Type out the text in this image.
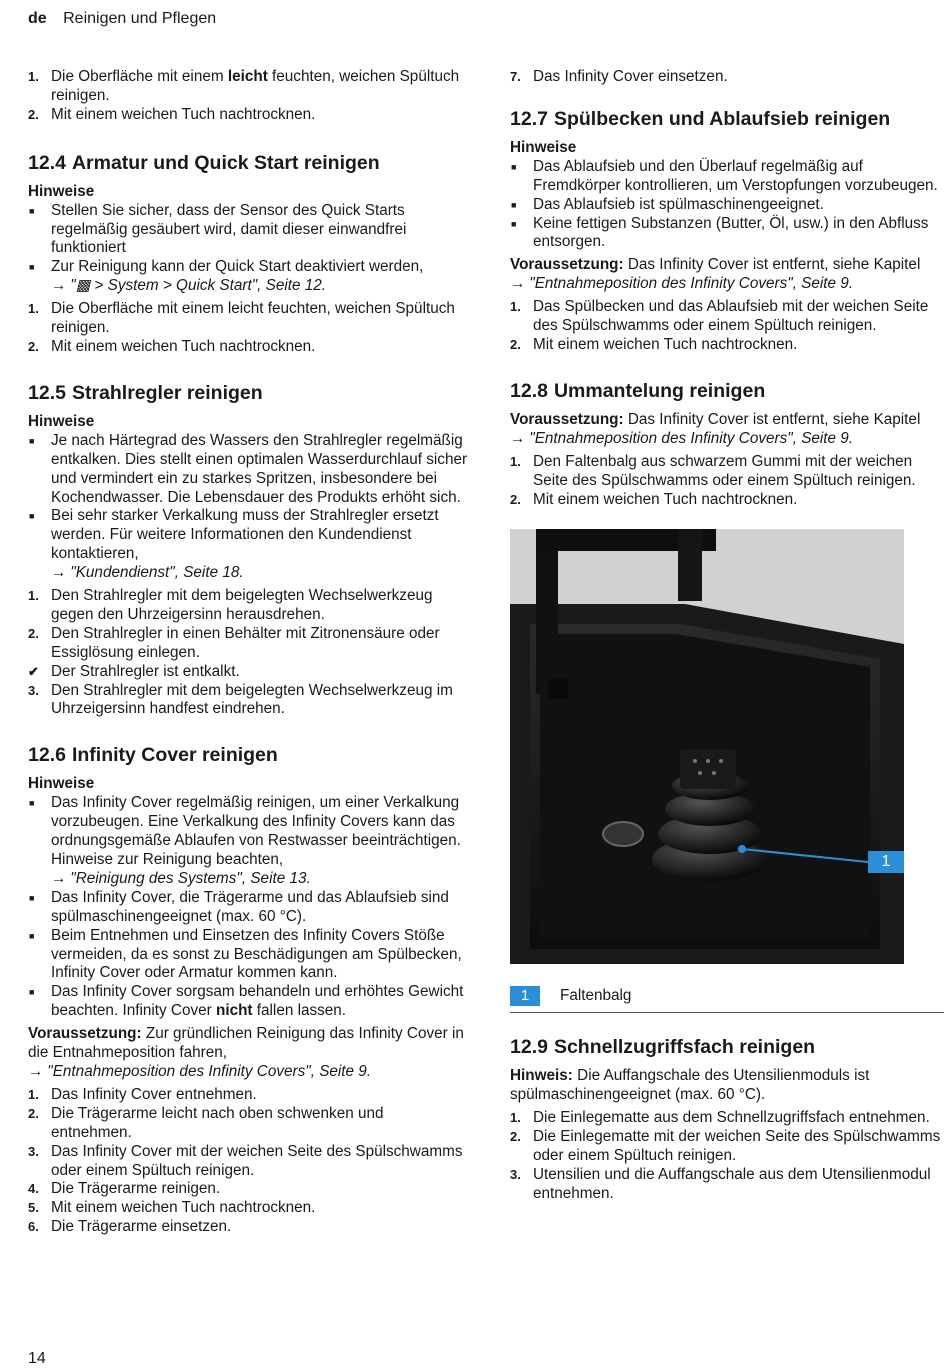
de Reinigen und Pflegen
1. Die Oberfläche mit einem leicht feuchten, weichen Spültuch reinigen.
2. Mit einem weichen Tuch nachtrocknen.
12.4 Armatur und Quick Start reinigen
Hinweise
■	Stellen Sie sicher, dass der Sensor des Quick Starts regelmäßig gesäubert wird, damit dieser einwandfrei funktioniert
■	Zur Reinigung kann der Quick Start deaktiviert werden,
→ "▩ > System > Quick Start", Seite 12.
1. Die Oberfläche mit einem leicht feuchten, weichen Spültuch reinigen.
2. Mit einem weichen Tuch nachtrocknen.
12.5 Strahlregler reinigen
Hinweise
■	Je nach Härtegrad des Wassers den Strahlregler regelmäßig entkalken. Dies stellt einen optimalen Wasserdurchlauf sicher und vermindert ein zu starkes Spritzen, insbesondere bei Kochendwasser. Die Lebensdauer des Produkts erhöht sich.
■	Bei sehr starker Verkalkung muss der Strahlregler ersetzt werden. Für weitere Informationen den Kundendienst kontaktieren,
→ "Kundendienst", Seite 18.
1. Den Strahlregler mit dem beigelegten Wechselwerkzeug gegen den Uhrzeigersinn herausdrehen.
2. Den Strahlregler in einen Behälter mit Zitronensäure oder Essiglösung einlegen.
✔ Der Strahlregler ist entkalkt.
3. Den Strahlregler mit dem beigelegten Wechselwerkzeug im Uhrzeigersinn handfest eindrehen.
12.6 Infinity Cover reinigen
Hinweise
■	Das Infinity Cover regelmäßig reinigen, um einer Verkalkung vorzubeugen. Eine Verkalkung des Infinity Covers kann das ordnungsgemäße Ablaufen von Restwasser beeinträchtigen.
Hinweise zur Reinigung beachten,
→ "Reinigung des Systems", Seite 13.
■	Das Infinity Cover, die Trägerarme und das Ablaufsieb sind spülmaschinengeeignet (max. 60 °C).
■	Beim Entnehmen und Einsetzen des Infinity Covers Stöße vermeiden, da es sonst zu Beschädigungen am Spülbecken, Infinity Cover oder Armatur kommen kann.
■	Das Infinity Cover sorgsam behandeln und erhöhtes Gewicht beachten. Infinity Cover nicht fallen lassen.
Voraussetzung: Zur gründlichen Reinigung das Infinity Cover in die Entnahmeposition fahren,
→ "Entnahmeposition des Infinity Covers", Seite 9.
1. Das Infinity Cover entnehmen.
2. Die Trägerarme leicht nach oben schwenken und entnehmen.
3. Das Infinity Cover mit der weichen Seite des Spülschwamms oder einem Spültuch reinigen.
4. Die Trägerarme reinigen.
5. Mit einem weichen Tuch nachtrocknen.
6. Die Trägerarme einsetzen.
7. Das Infinity Cover einsetzen.
12.7 Spülbecken und Ablaufsieb reinigen
Hinweise
■	Das Ablaufsieb und den Überlauf regelmäßig auf Fremdkörper kontrollieren, um Verstopfungen vorzubeugen.
■	Das Ablaufsieb ist spülmaschinengeeignet.
■	Keine fettigen Substanzen (Butter, Öl, usw.) in den Abfluss entsorgen.
Voraussetzung: Das Infinity Cover ist entfernt, siehe Kapitel
→ "Entnahmeposition des Infinity Covers", Seite 9.
1. Das Spülbecken und das Ablaufsieb mit der weichen Seite des Spülschwamms oder einem Spültuch reinigen.
2. Mit einem weichen Tuch nachtrocknen.
12.8 Ummantelung reinigen
Voraussetzung: Das Infinity Cover ist entfernt, siehe Kapitel
→ "Entnahmeposition des Infinity Covers", Seite 9.
1. Den Faltenbalg aus schwarzem Gummi mit der weichen Seite des Spülschwamms oder einem Spültuch reinigen.
2. Mit einem weichen Tuch nachtrocknen.
1
1	Faltenbalg
12.9 Schnellzugriffsfach reinigen
Hinweis: Die Auffangschale des Utensilienmoduls ist spülmaschinengeeignet (max. 60 °C).
1. Die Einlegematte aus dem Schnellzugriffsfach entnehmen.
2. Die Einlegematte mit der weichen Seite des Spülschwamms oder einem Spültuch reinigen.
3. Utensilien und die Auffangschale aus dem Utensilienmodul entnehmen.
14
